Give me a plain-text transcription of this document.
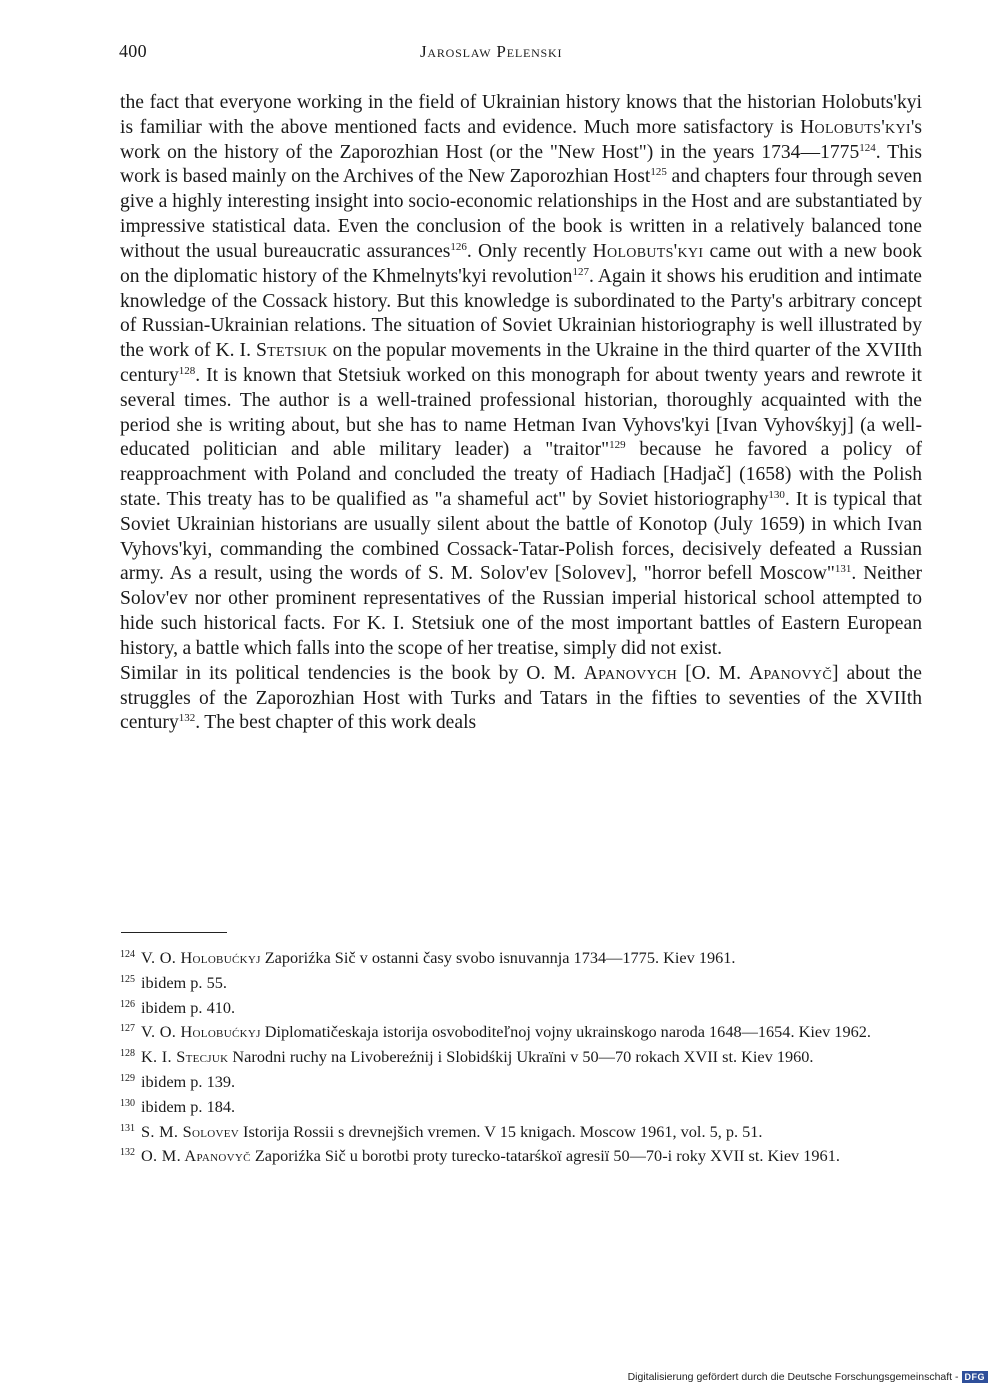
400	Jaroslaw Pelenski

the fact that everyone working in the field of Ukrainian history knows that the historian Holobuts'kyi is familiar with the above mentioned facts and evidence. Much more satisfactory is Holobuts'kyi's work on the history of the Zaporozhian Host (or the "New Host") in the years 1734—1775$^{124}$. This work is based mainly on the Archives of the New Zaporozhian Host$^{125}$ and chapters four through seven give a highly interesting insight into socio-economic relationships in the Host and are substantiated by impressive statistical data. Even the conclusion of the book is written in a relatively balanced tone without the usual bureaucratic assurances$^{126}$. Only recently Holobuts'kyi came out with a new book on the diplomatic history of the Khmelnyts'kyi revolution$^{127}$. Again it shows his erudition and intimate knowledge of the Cossack history. But this knowledge is subordinated to the Party's arbitrary concept of Russian-Ukrainian relations. The situation of Soviet Ukrainian historiography is well illustrated by the work of K. I. Stetsiuk on the popular movements in the Ukraine in the third quarter of the XVIIth century$^{128}$. It is known that Stetsiuk worked on this monograph for about twenty years and rewrote it several times. The author is a well-trained professional historian, thoroughly acquainted with the period she is writing about, but she has to name Hetman Ivan Vyhovs'kyi [Ivan Vyhovśkyj] (a well-educated politician and able military leader) a "traitor"$^{129}$ because he favored a policy of reapproachment with Poland and concluded the treaty of Hadiach [Hadjač] (1658) with the Polish state. This treaty has to be qualified as "a shameful act" by Soviet historiography$^{130}$. It is typical that Soviet Ukrainian historians are usually silent about the battle of Konotop (July 1659) in which Ivan Vyhovs'kyi, commanding the combined Cossack-Tatar-Polish forces, decisively defeated a Russian army. As a result, using the words of S. M. Solov'ev [Solovev], "horror befell Moscow"$^{131}$. Neither Solov'ev nor other prominent representatives of the Russian imperial historical school attempted to hide such historical facts. For K. I. Stetsiuk one of the most important battles of Eastern European history, a battle which falls into the scope of her treatise, simply did not exist.

Similar in its political tendencies is the book by O. M. Apanovych [O. M. Apanovyč] about the struggles of the Zaporozhian Host with Turks and Tatars in the fifties to seventies of the XVIIth century$^{132}$. The best chapter of this work deals

$^{124}$ V. O. Holobućkyj Zaporiźka Sič v ostanni časy svobo isnuvannja 1734—1775. Kiev 1961.
$^{125}$ ibidem p. 55.
$^{126}$ ibidem p. 410.
$^{127}$ V. O. Holobućkyj Diplomatičeskaja istorija osvoboditeľnoj vojny ukrainskogo naroda 1648—1654. Kiev 1962.
$^{128}$ K. I. Stecjuk Narodni ruchy na Livobereźnij i Slobidśkij Ukraïni v 50—70 rokach XVII st. Kiev 1960.
$^{129}$ ibidem p. 139.
$^{130}$ ibidem p. 184.
$^{131}$ S. M. Solovev Istorija Rossii s drevnejšich vremen. V 15 knigach. Moscow 1961, vol. 5, p. 51.
$^{132}$ O. M. Apanovyč Zaporiźka Sič u borotbi proty turecko-tatarśkoï agresiï 50—70-i roky XVII st. Kiev 1961.
Digitalisierung gefördert durch die Deutsche Forschungsgemeinschaft - DFG
